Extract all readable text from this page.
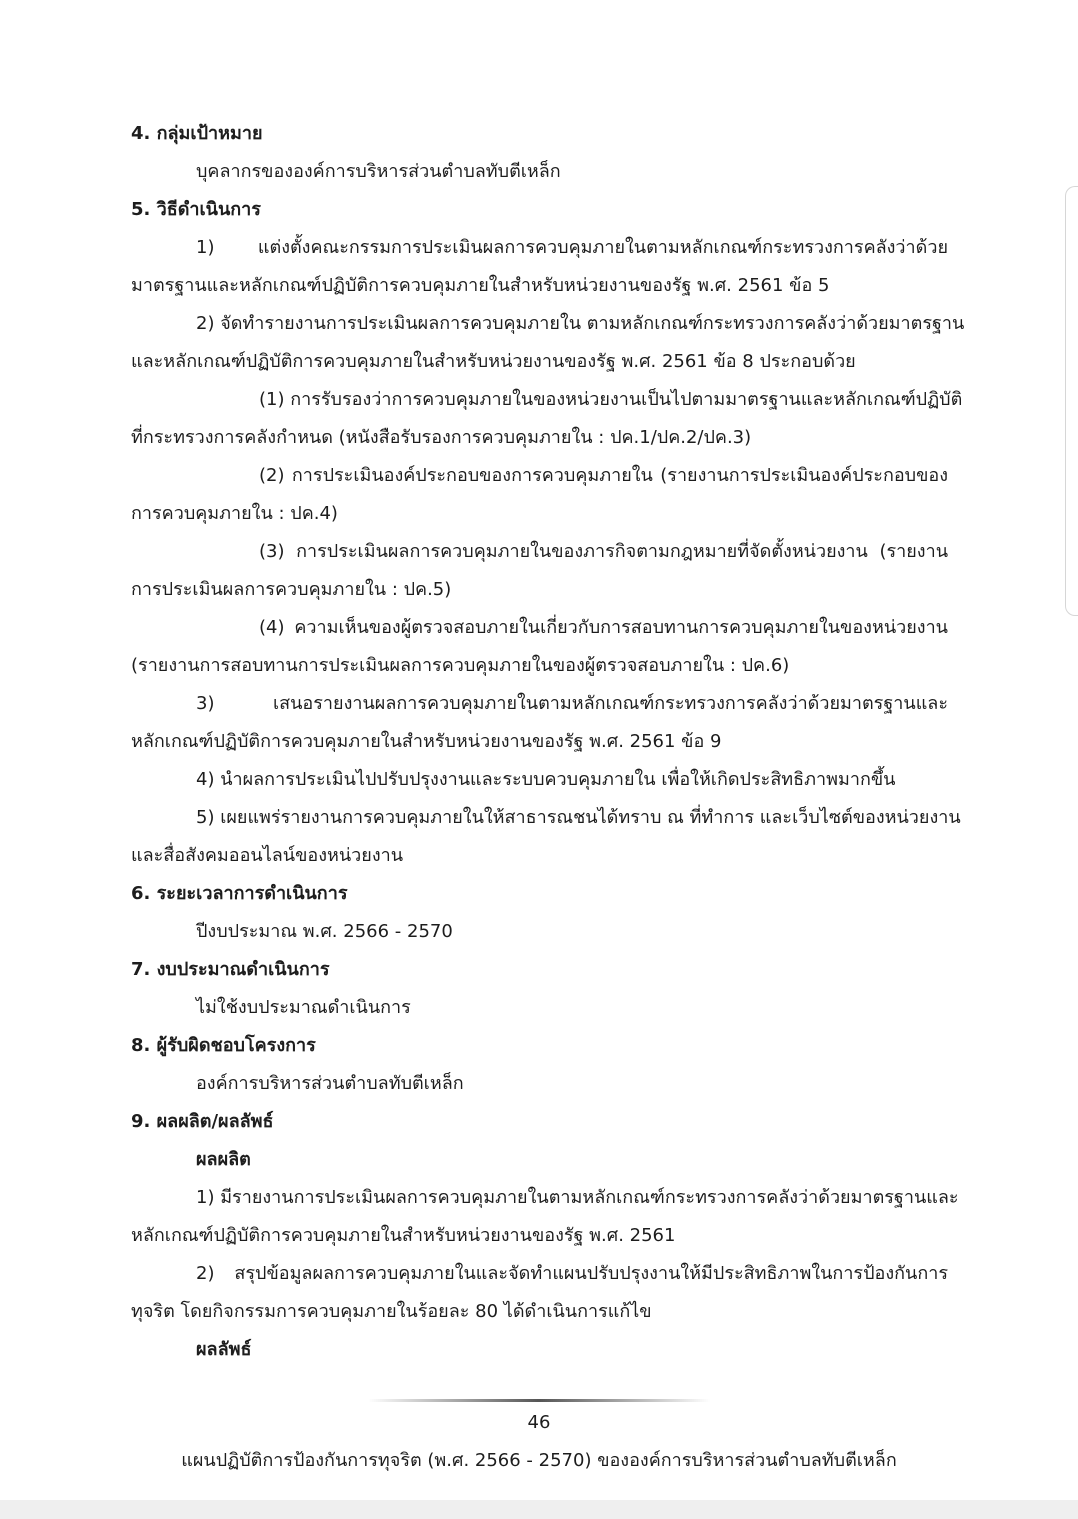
4. กลุ่มเป้าหมาย
บุคลากรขององค์การบริหารส่วนตำบลทับตีเหล็ก
5. วิธีดำเนินการ
1) แต่งตั้งคณะกรรมการประเมินผลการควบคุมภายในตามหลักเกณฑ์กระทรวงการคลังว่าด้วย
มาตรฐานและหลักเกณฑ์ปฏิบัติการควบคุมภายในสำหรับหน่วยงานของรัฐ พ.ศ. 2561 ข้อ 5
2) จัดทำรายงานการประเมินผลการควบคุมภายใน ตามหลักเกณฑ์กระทรวงการคลังว่าด้วยมาตรฐาน
และหลักเกณฑ์ปฏิบัติการควบคุมภายในสำหรับหน่วยงานของรัฐ พ.ศ. 2561 ข้อ 8 ประกอบด้วย
(1) การรับรองว่าการควบคุมภายในของหน่วยงานเป็นไปตามมาตรฐานและหลักเกณฑ์ปฏิบัติ
ที่กระทรวงการคลังกำหนด (หนังสือรับรองการควบคุมภายใน : ปค.1/ปค.2/ปค.3)
(2) การประเมินองค์ประกอบของการควบคุมภายใน (รายงานการประเมินองค์ประกอบของ
การควบคุมภายใน : ปค.4)
(3) การประเมินผลการควบคุมภายในของภารกิจตามกฎหมายที่จัดตั้งหน่วยงาน (รายงาน
การประเมินผลการควบคุมภายใน : ปค.5)
(4) ความเห็นของผู้ตรวจสอบภายในเกี่ยวกับการสอบทานการควบคุมภายในของหน่วยงาน
(รายงานการสอบทานการประเมินผลการควบคุมภายในของผู้ตรวจสอบภายใน : ปค.6)
3) เสนอรายงานผลการควบคุมภายในตามหลักเกณฑ์กระทรวงการคลังว่าด้วยมาตรฐานและ
หลักเกณฑ์ปฏิบัติการควบคุมภายในสำหรับหน่วยงานของรัฐ พ.ศ. 2561 ข้อ 9
4) นำผลการประเมินไปปรับปรุงงานและระบบควบคุมภายใน เพื่อให้เกิดประสิทธิภาพมากขึ้น
5) เผยแพร่รายงานการควบคุมภายในให้สาธารณชนได้ทราบ ณ ที่ทำการ และเว็บไซต์ของหน่วยงาน
และสื่อสังคมออนไลน์ของหน่วยงาน
6. ระยะเวลาการดำเนินการ
ปีงบประมาณ พ.ศ. 2566 - 2570
7. งบประมาณดำเนินการ
ไม่ใช้งบประมาณดำเนินการ
8. ผู้รับผิดชอบโครงการ
องค์การบริหารส่วนตำบลทับตีเหล็ก
9. ผลผลิต/ผลลัพธ์
ผลผลิต
1) มีรายงานการประเมินผลการควบคุมภายในตามหลักเกณฑ์กระทรวงการคลังว่าด้วยมาตรฐานและ
หลักเกณฑ์ปฏิบัติการควบคุมภายในสำหรับหน่วยงานของรัฐ พ.ศ. 2561
2) สรุปข้อมูลผลการควบคุมภายในและจัดทำแผนปรับปรุงงานให้มีประสิทธิภาพในการป้องกันการ
ทุจริต โดยกิจกรรมการควบคุมภายในร้อยละ 80 ได้ดำเนินการแก้ไข
ผลลัพธ์
46
แผนปฏิบัติการป้องกันการทุจริต (พ.ศ. 2566 - 2570) ขององค์การบริหารส่วนตำบลทับตีเหล็ก
